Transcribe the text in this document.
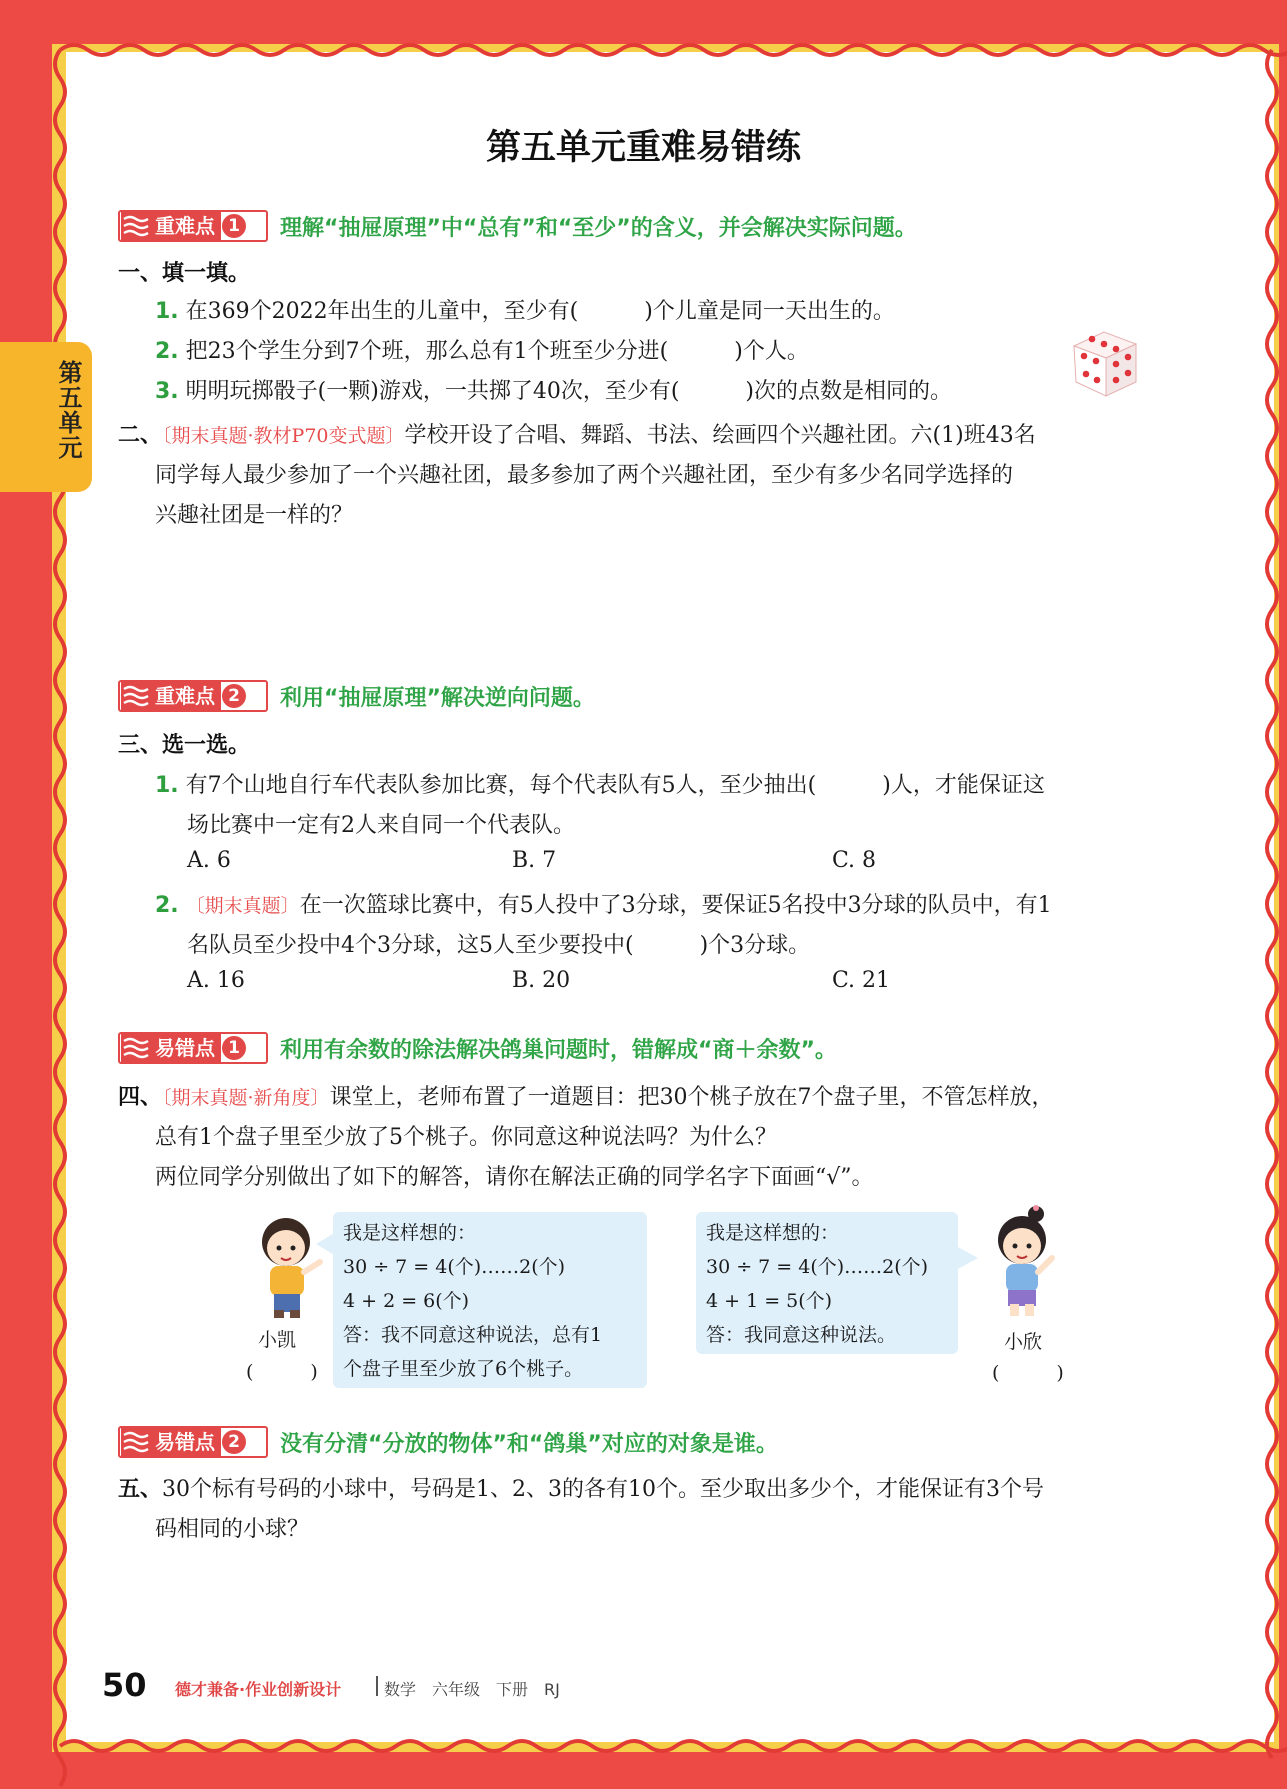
第五单元
第五单元重难易错练
重难点 1 理解“抽屉原理”中“总有”和“至少”的含义，并会解决实际问题。
一、填一填。
1. 在369个2022年出生的儿童中，至少有(　　　)个儿童是同一天出生的。
2. 把23个学生分到7个班，那么总有1个班至少分进(　　　)个人。
3. 明明玩掷骰子(一颗)游戏，一共掷了40次，至少有(　　　)次的点数是相同的。
二、〔期末真题·教材P70变式题〕学校开设了合唱、舞蹈、书法、绘画四个兴趣社团。六(1)班43名
同学每人最少参加了一个兴趣社团，最多参加了两个兴趣社团，至少有多少名同学选择的
兴趣社团是一样的？
重难点 2 利用“抽屉原理”解决逆向问题。
三、选一选。
1. 有7个山地自行车代表队参加比赛，每个代表队有5人，至少抽出(　　　)人，才能保证这
场比赛中一定有2人来自同一个代表队。
A. 6	B. 7	C. 8
2. 〔期末真题〕在一次篮球比赛中，有5人投中了3分球，要保证5名投中3分球的队员中，有1
名队员至少投中4个3分球，这5人至少要投中(　　　)个3分球。
A. 16	B. 20	C. 21
易错点 1 利用有余数的除法解决鸽巢问题时，错解成“商＋余数”。
四、〔期末真题·新角度〕课堂上，老师布置了一道题目：把30个桃子放在7个盘子里，不管怎样放，
总有1个盘子里至少放了5个桃子。你同意这种说法吗？为什么？
两位同学分别做出了如下的解答，请你在解法正确的同学名字下面画“√”。
小凯
(　　　)
我是这样想的：
30 ÷ 7 = 4(个)……2(个)
4 + 2 = 6(个)
答：我不同意这种说法，总有1
个盘子里至少放了6个桃子。
我是这样想的：
30 ÷ 7 = 4(个)……2(个)
4 + 1 = 5(个)
答：我同意这种说法。	小欣
(　　　)
易错点 2 没有分清“分放的物体”和“鸽巢”对应的对象是谁。
五、30个标有号码的小球中，号码是1、2、3的各有10个。至少取出多少个，才能保证有3个号
码相同的小球？
50 德才兼备·作业创新设计	数学　六年级　下册　RJ
